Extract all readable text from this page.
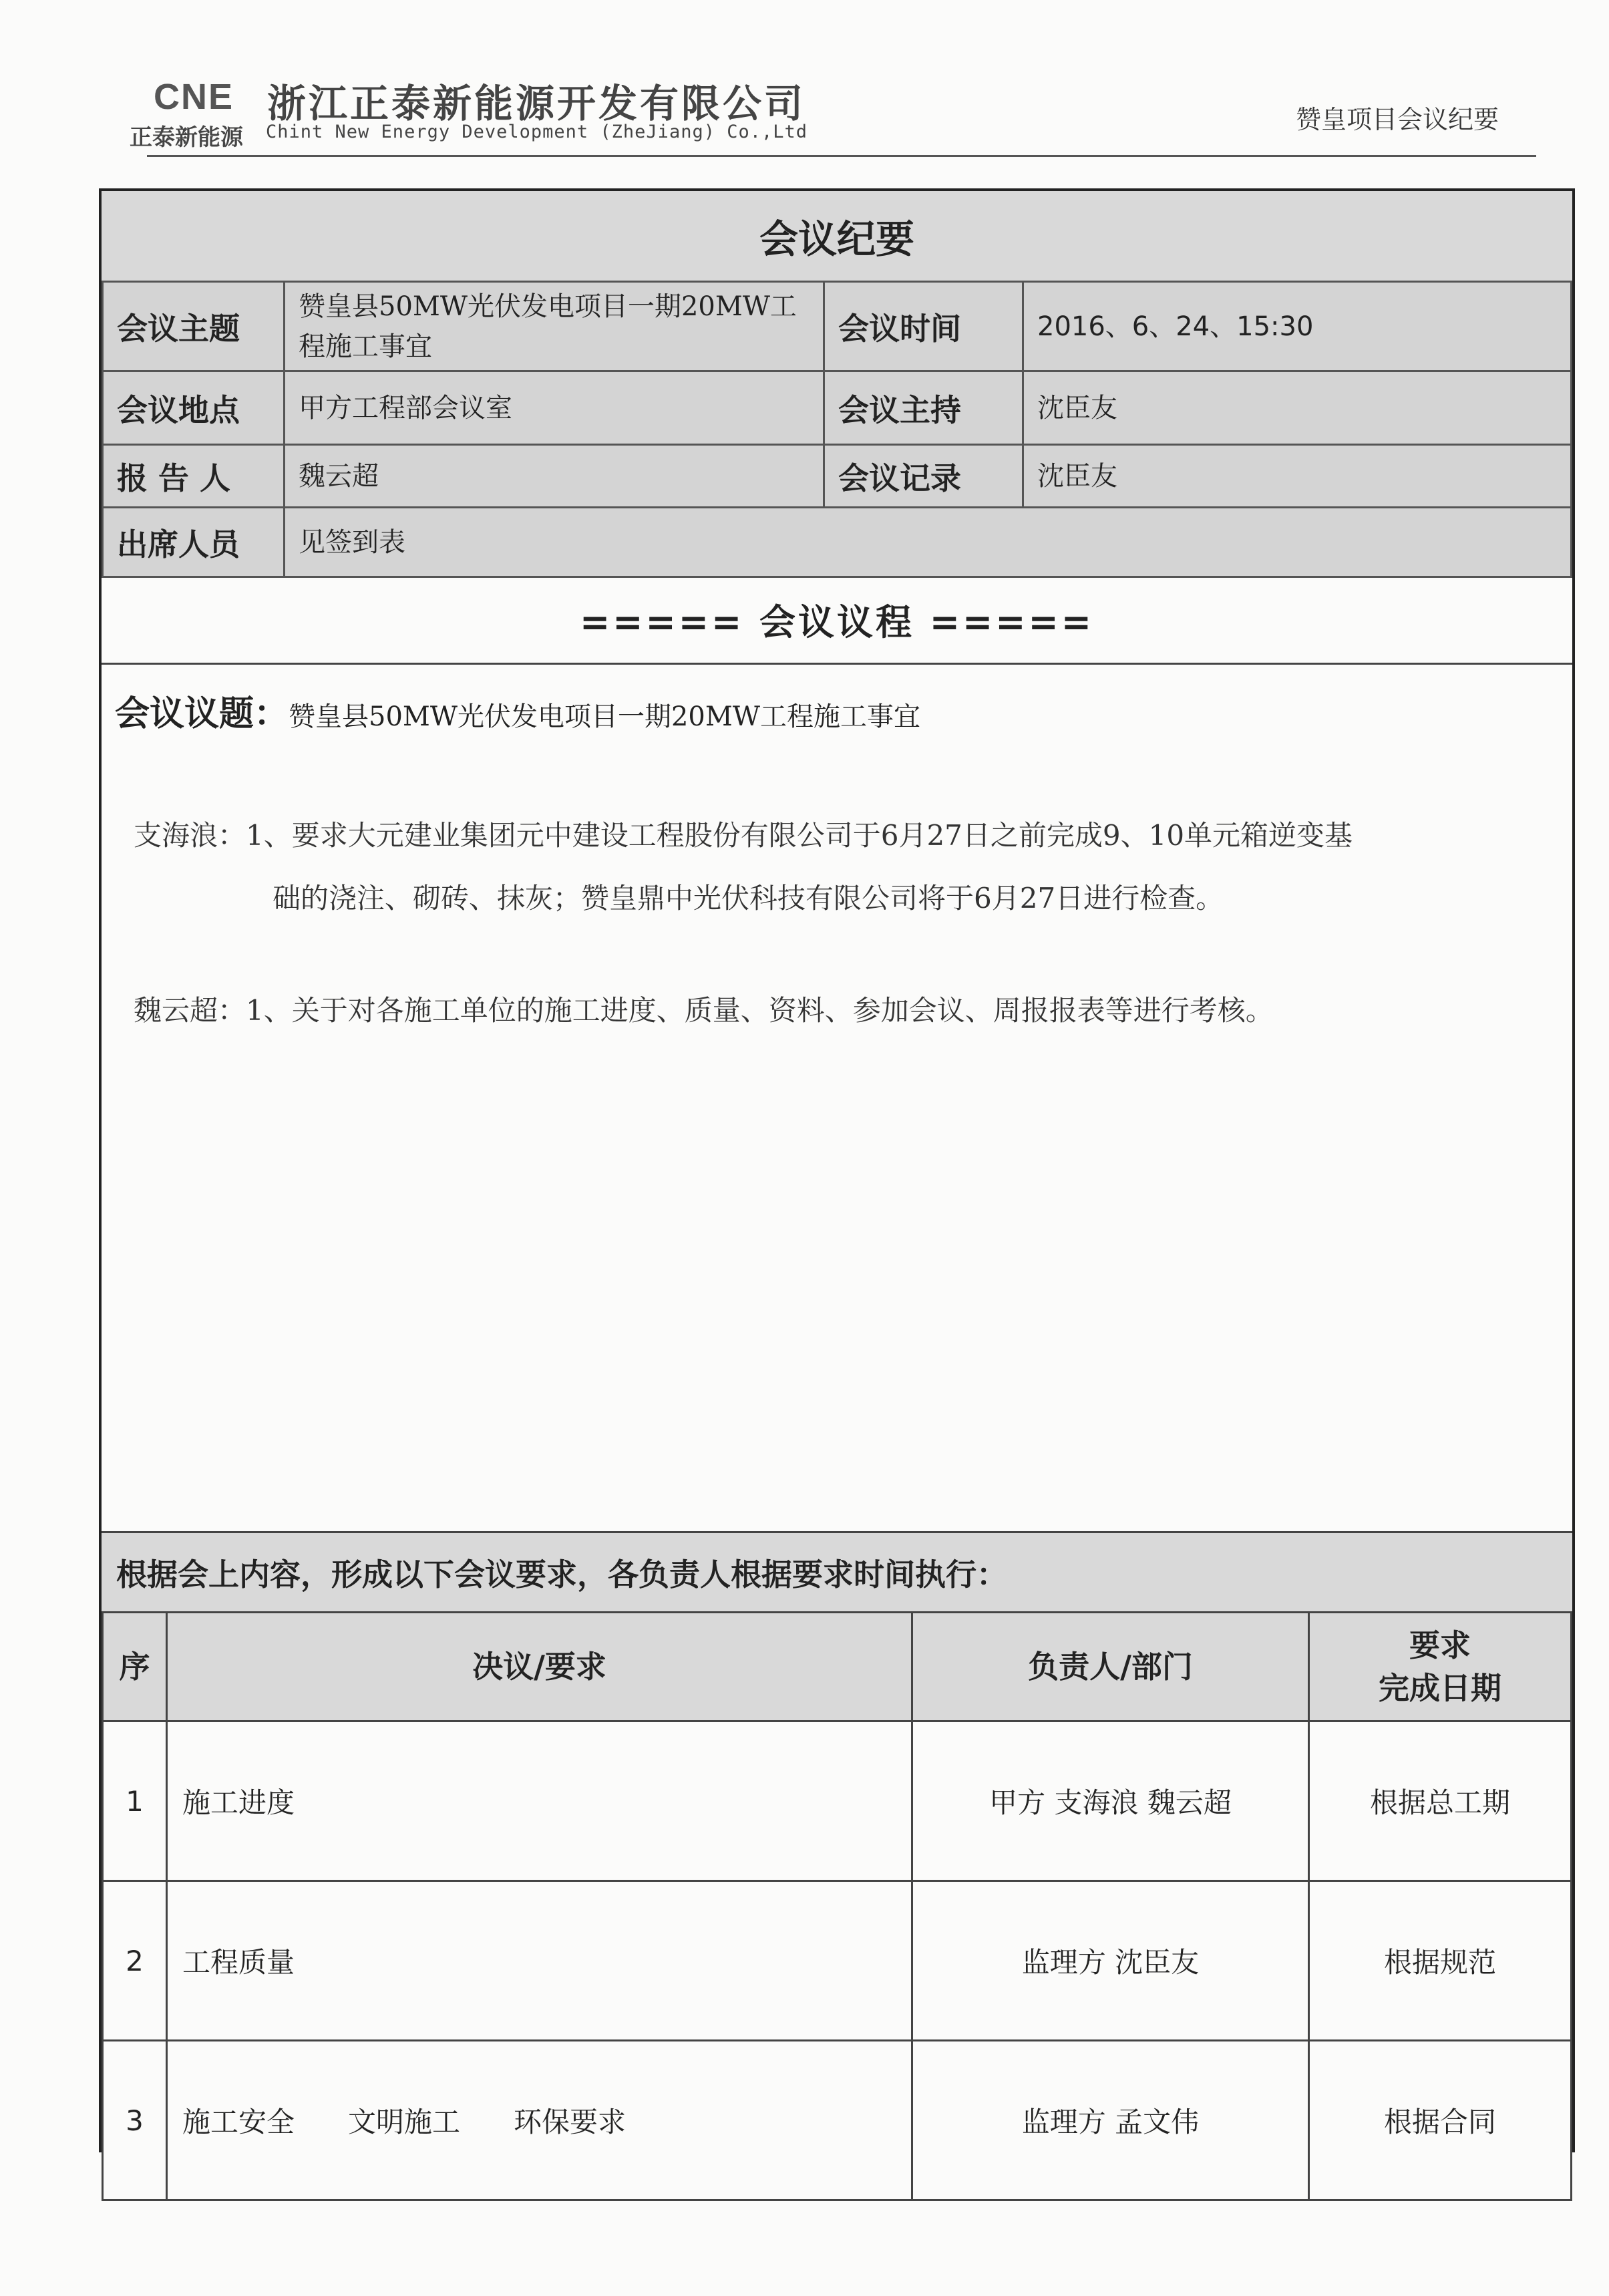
CNE
正泰新能源
浙江正泰新能源开发有限公司
Chint New Energy Development (ZheJiang) Co.,Ltd	赞皇项目会议纪要
会议纪要
会议主题	赞皇县50MW光伏发电项目一期20MW工程施工事宜	会议时间	2016、6、24、15:30
会议地点	甲方工程部会议室	会议主持	沈臣友
报 告 人	魏云超	会议记录	沈臣友
出席人员	见签到表		
===== 会议议程 =====
会议议题：赞皇县50MW光伏发电项目一期20MW工程施工事宜
支海浪：1、要求大元建业集团元中建设工程股份有限公司于6月27日之前完成9、10单元箱逆变基
础的浇注、砌砖、抹灰；赞皇鼎中光伏科技有限公司将于6月27日进行检查。
魏云超：1、关于对各施工单位的施工进度、质量、资料、参加会议、周报报表等进行考核。
根据会上内容，形成以下会议要求，各负责人根据要求时间执行：
序	决议/要求	负责人/部门	要求
完成日期

1	施工进度	甲方 支海浪 魏云超	根据总工期
2	工程质量	监理方 沈臣友	根据规范
3	施工安全 文明施工 环保要求	监理方 孟文伟	根据合同
